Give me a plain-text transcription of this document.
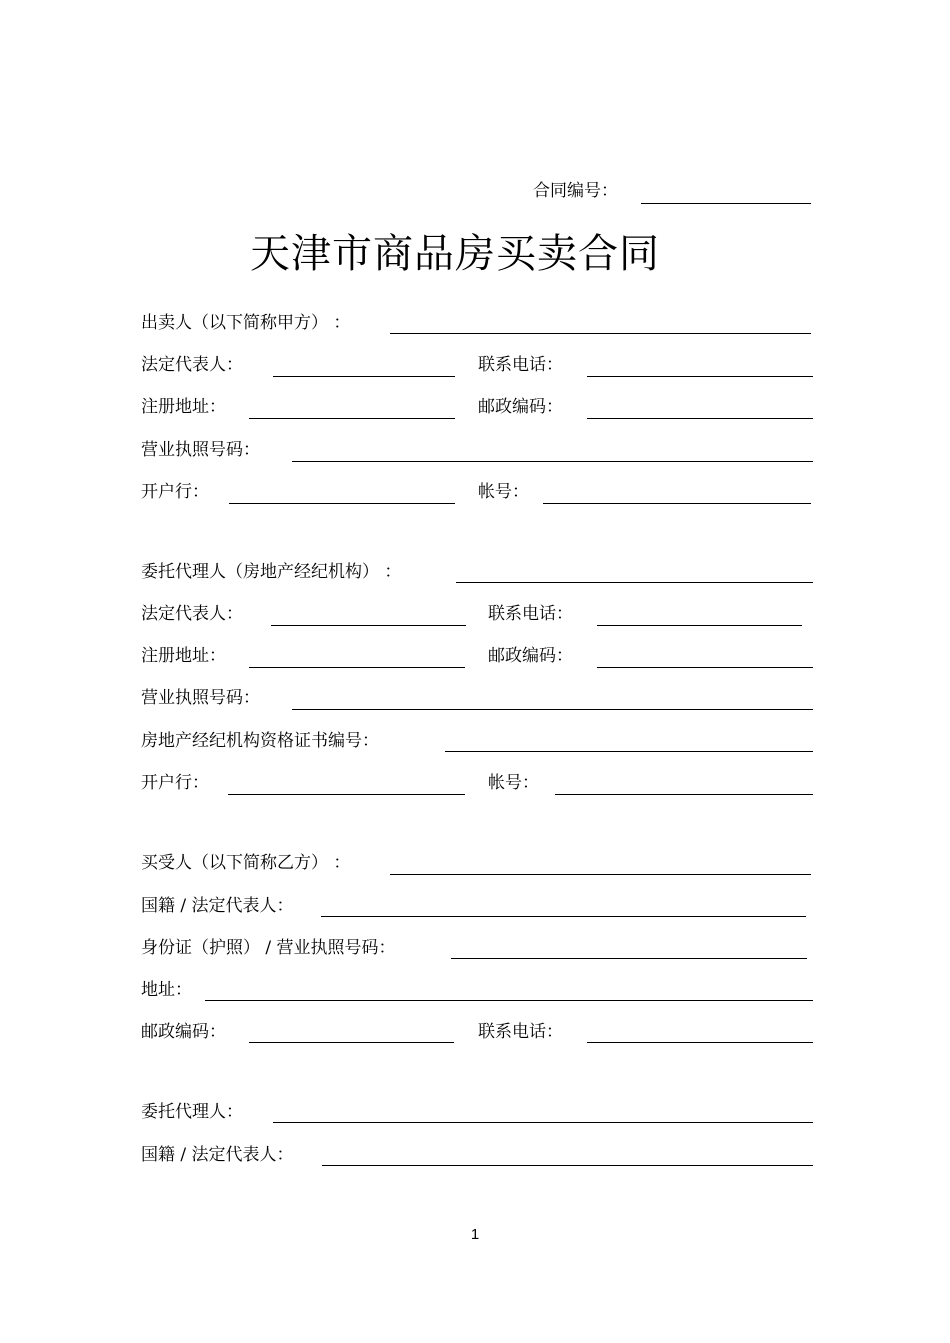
合同编号：
天津市商品房买卖合同
出卖人（以下简称甲方） ：
法定代表人：	联系电话：
注册地址：	邮政编码：
营业执照号码：
开户行：	帐号：
委托代理人（房地产经纪机构） ：
法定代表人：	联系电话：
注册地址：	邮政编码：
营业执照号码：
房地产经纪机构资格证书编号：
开户行：	帐号：
买受人（以下简称乙方） ：
国籍 / 法定代表人：
身份证（护照） / 营业执照号码：
地址：
邮政编码：	联系电话：
委托代理人：
国籍 / 法定代表人：
1
